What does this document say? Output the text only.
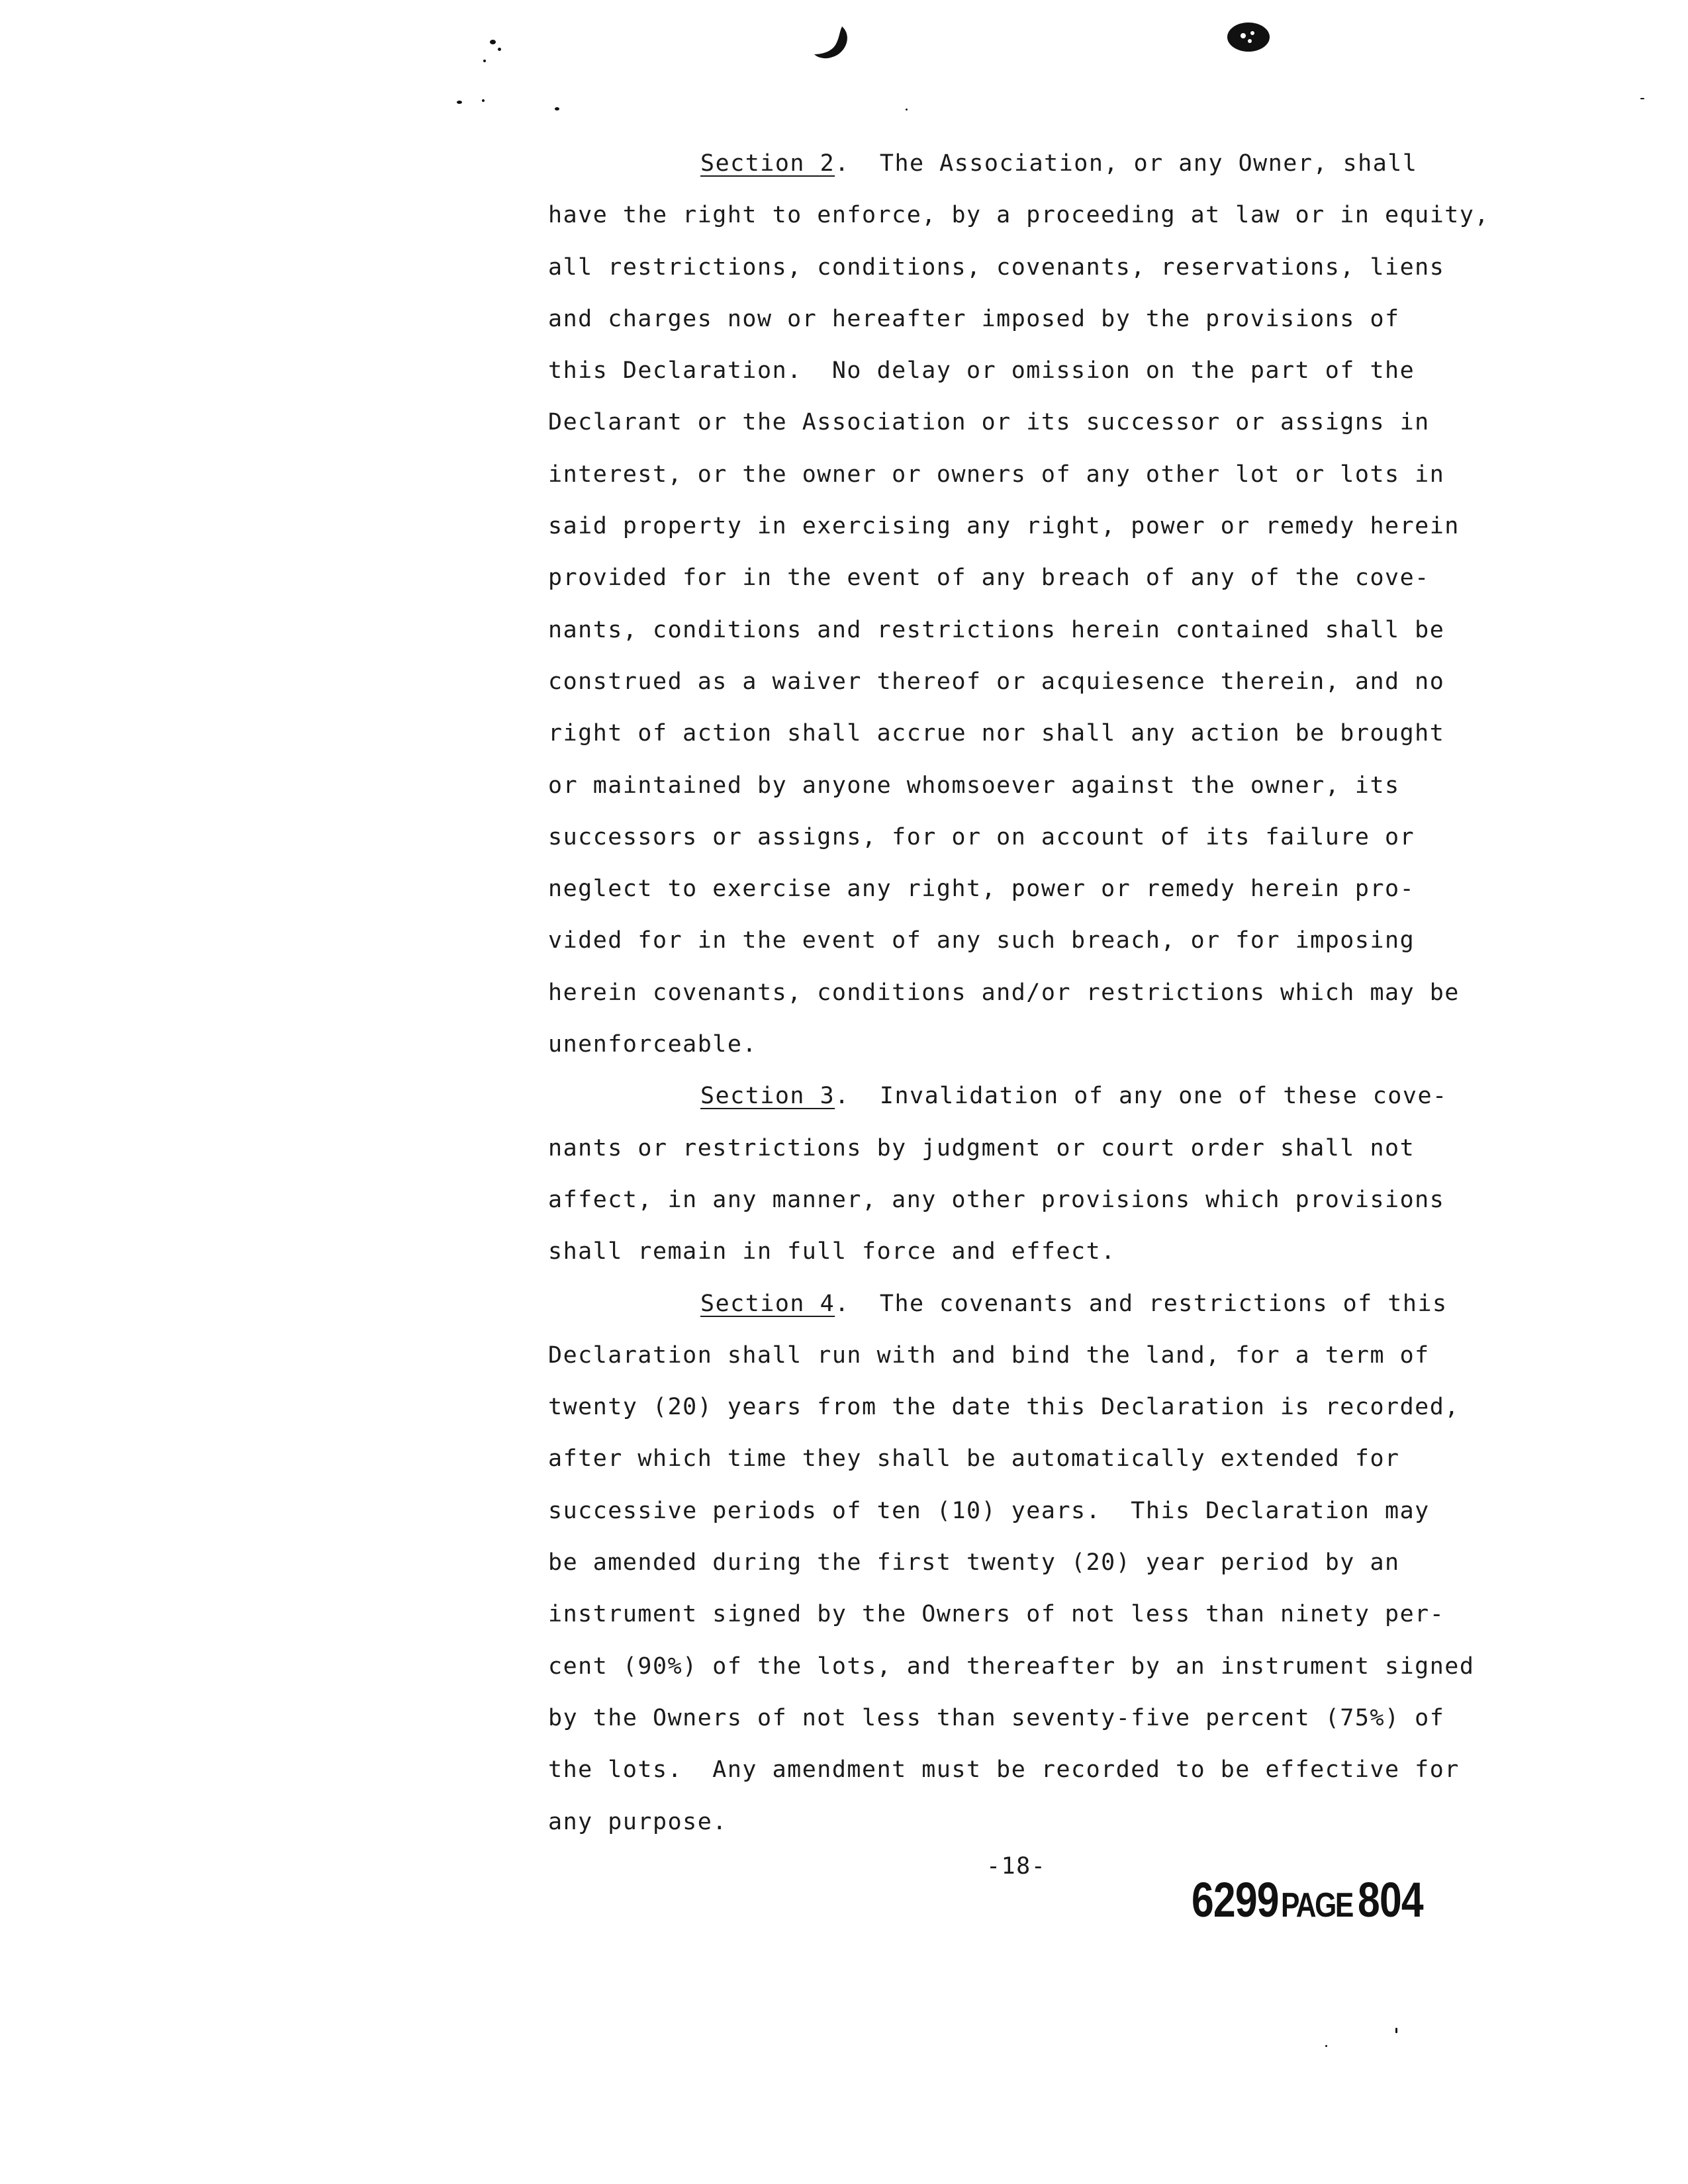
Section 2.  The Association, or any Owner, shall
have the right to enforce, by a proceeding at law or in equity,
all restrictions, conditions, covenants, reservations, liens
and charges now or hereafter imposed by the provisions of
this Declaration.  No delay or omission on the part of the
Declarant or the Association or its successor or assigns in
interest, or the owner or owners of any other lot or lots in
said property in exercising any right, power or remedy herein
provided for in the event of any breach of any of the cove-
nants, conditions and restrictions herein contained shall be
construed as a waiver thereof or acquiesence therein, and no
right of action shall accrue nor shall any action be brought
or maintained by anyone whomsoever against the owner, its
successors or assigns, for or on account of its failure or
neglect to exercise any right, power or remedy herein pro-
vided for in the event of any such breach, or for imposing
herein covenants, conditions and/or restrictions which may be
unenforceable.
Section 3.  Invalidation of any one of these cove-
nants or restrictions by judgment or court order shall not
affect, in any manner, any other provisions which provisions
shall remain in full force and effect.
Section 4.  The covenants and restrictions of this
Declaration shall run with and bind the land, for a term of
twenty (20) years from the date this Declaration is recorded,
after which time they shall be automatically extended for
successive periods of ten (10) years.  This Declaration may
be amended during the first twenty (20) year period by an
instrument signed by the Owners of not less than ninety per-
cent (90%) of the lots, and thereafter by an instrument signed
by the Owners of not less than seventy-five percent (75%) of
the lots.  Any amendment must be recorded to be effective for
any purpose.
-18-
6299PAGE 804
